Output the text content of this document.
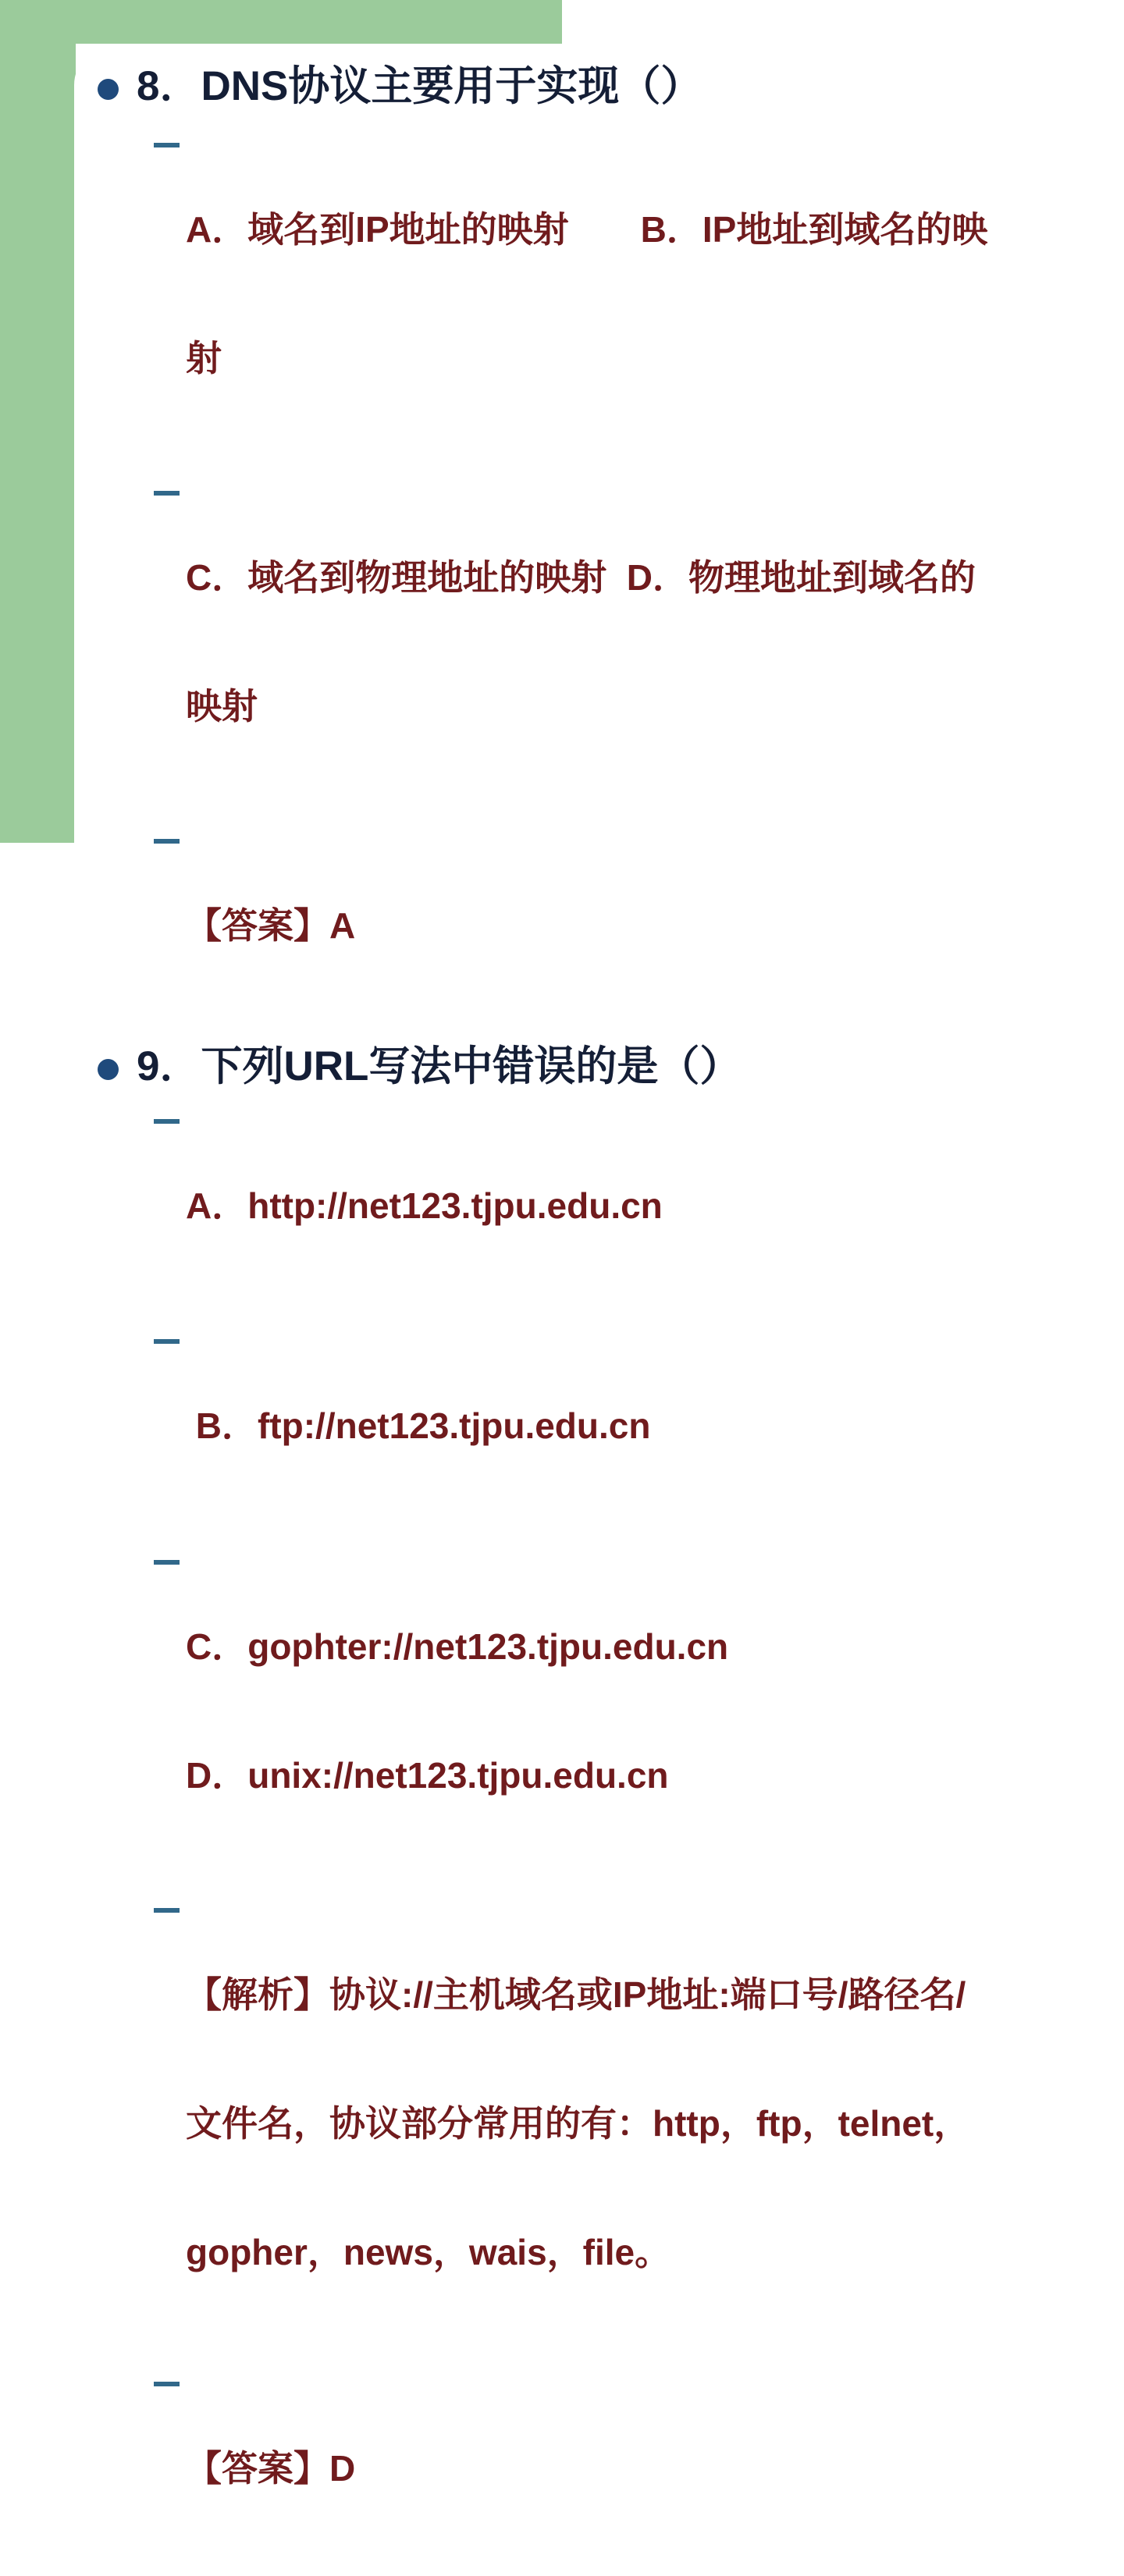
8．DNS协议主要用于实现（）

A．域名到IP地址的映射　　B．IP地址到域名的映

射

C．域名到物理地址的映射  D．物理地址到域名的

映射

【答案】A

9．下列URL写法中错误的是（）

A．http://net123.tjpu.edu.cn

B．ftp://net123.tjpu.edu.cn

C．gophter://net123.tjpu.edu.cn

D．unix://net123.tjpu.edu.cn

【解析】协议://主机域名或IP地址:端口号/路径名/

文件名，协议部分常用的有：http，ftp，telnet，

gopher，news，wais，file。

【答案】D
